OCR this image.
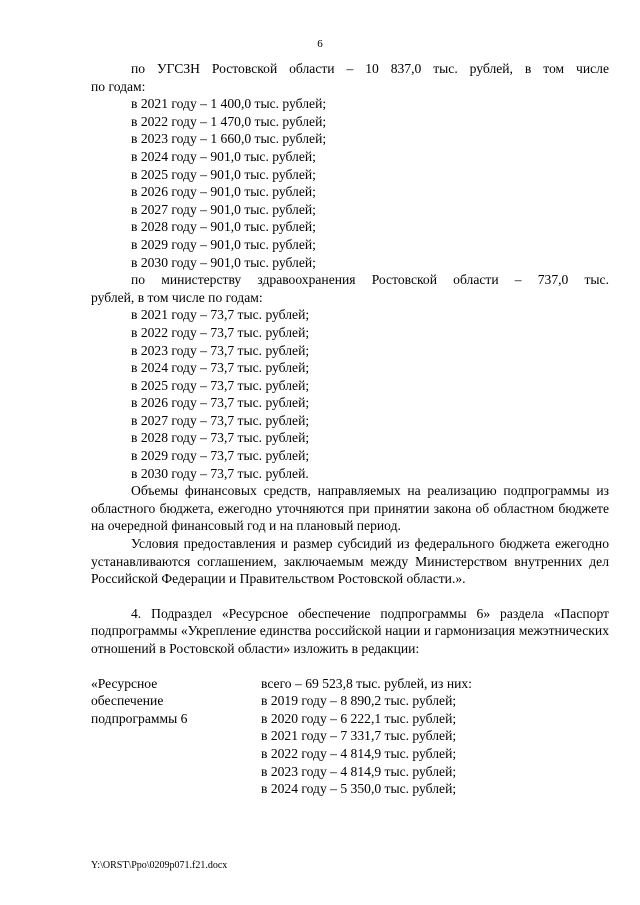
6

по УГСЗН Ростовской области – 10 837,0 тыс. рублей, в том числе

по годам:

в 2021 году – 1 400,0 тыс. рублей;

в 2022 году – 1 470,0 тыс. рублей;

в 2023 году – 1 660,0 тыс. рублей;

в 2024 году – 901,0 тыс. рублей;

в 2025 году – 901,0 тыс. рублей;

в 2026 году – 901,0 тыс. рублей;

в 2027 году – 901,0 тыс. рублей;

в 2028 году – 901,0 тыс. рублей;

в 2029 году – 901,0 тыс. рублей;

в 2030 году – 901,0 тыс. рублей;

по министерству здравоохранения Ростовской области – 737,0 тыс.

рублей, в том числе по годам:

в 2021 году – 73,7 тыс. рублей;

в 2022 году – 73,7 тыс. рублей;

в 2023 году – 73,7 тыс. рублей;

в 2024 году – 73,7 тыс. рублей;

в 2025 году – 73,7 тыс. рублей;

в 2026 году – 73,7 тыс. рублей;

в 2027 году – 73,7 тыс. рублей;

в 2028 году – 73,7 тыс. рублей;

в 2029 году – 73,7 тыс. рублей;

в 2030 году – 73,7 тыс. рублей.

Объемы финансовых средств, направляемых на реализацию подпрограммы из областного бюджета, ежегодно уточняются при принятии закона об областном бюджете на очередной финансовый год и на плановый период.

Условия предоставления и размер субсидий из федерального бюджета ежегодно устанавливаются соглашением, заключаемым между Министерством внутренних дел Российской Федерации и Правительством Ростовской области.».

4. Подраздел «Ресурсное обеспечение подпрограммы 6» раздела «Паспорт подпрограммы «Укрепление единства российской нации и гармонизация межэтнических отношений в Ростовской области» изложить в редакции:

«Ресурсное

обеспечение

подпрограммы 6

всего – 69 523,8 тыс. рублей, из них:

в 2019 году – 8 890,2 тыс. рублей;

в 2020 году – 6 222,1 тыс. рублей;

в 2021 году – 7 331,7 тыс. рублей;

в 2022 году – 4 814,9 тыс. рублей;

в 2023 году – 4 814,9 тыс. рублей;

в 2024 году – 5 350,0 тыс. рублей;

Y:\ORST\Ppo\0209p071.f21.docx
